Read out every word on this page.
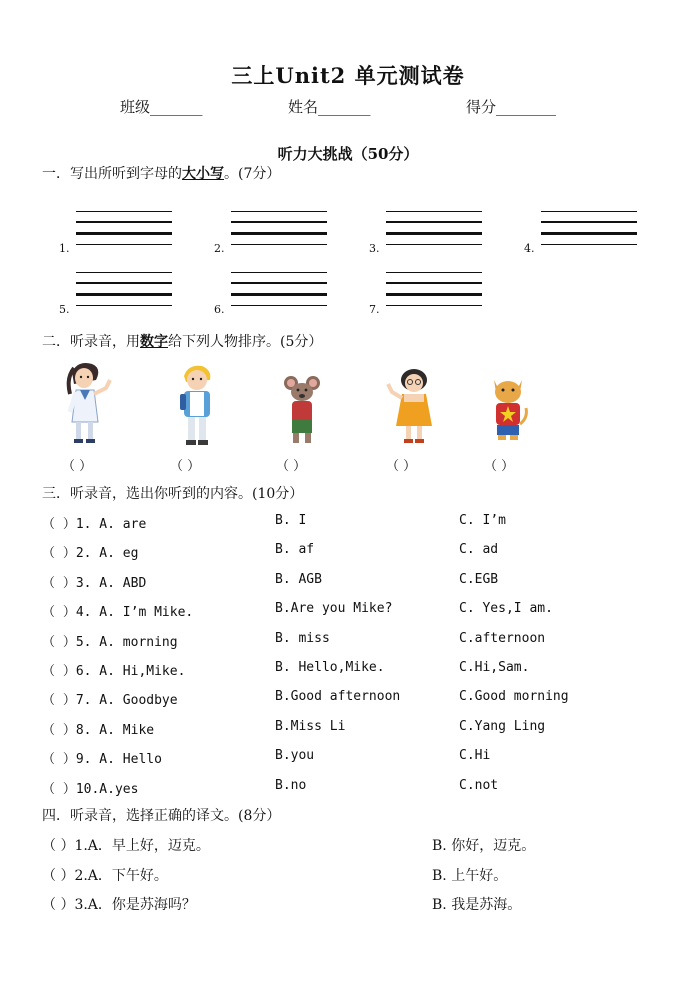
三上Unit2 单元测试卷
班级_______	姓名_______	得分________
听力大挑战（50分）
一．写出所听到字母的大小写。(7分）
1.	2.	3.	4.
5.	6.	7.
二．听录音，用数字给下列人物排序。(5分）
（ ）	（ ）	（ ）	（ ）	（ ）
三．听录音，选出你听到的内容。(10分）
（ ）1. A. are	B. I	C. I’m
（ ）2. A. eg	B. af	C. ad
（ ）3. A. ABD	B. AGB	C.EGB
（ ）4. A. I’m Mike.	B.Are you Mike?	C. Yes,I am.
（ ）5. A. morning	B. miss	C.afternoon
（ ）6. A. Hi,Mike.	B. Hello,Mike.	C.Hi,Sam.
（ ）7. A. Goodbye	B.Good afternoon	C.Good morning
（ ）8. A. Mike	B.Miss Li	C.Yang Ling
（ ）9. A. Hello	B.you	C.Hi
（ ）10.A.yes	B.no	C.not
四．听录音，选择正确的译文。(8分）
（ ）1.A．早上好，迈克。	B. 你好，迈克。
（ ）2.A．下午好。	B. 上午好。
（ ）3.A．你是苏海吗？	B. 我是苏海。
